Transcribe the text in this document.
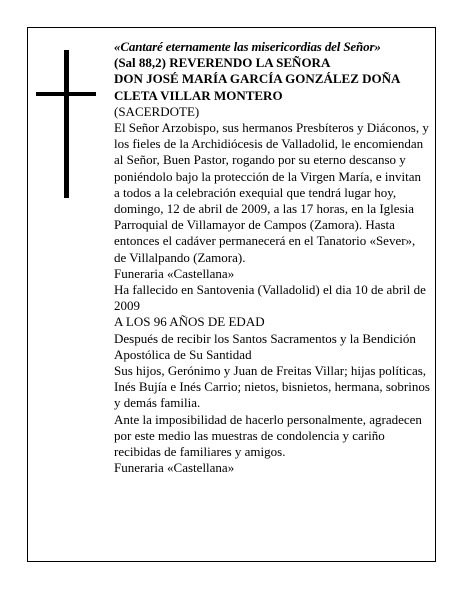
«Cantaré eternamente las misericordias del Señor»

(Sal 88,2) REVERENDO LA SEÑORA

DON JOSÉ MARÍA GARCÍA GONZÁLEZ DOÑA CLETA VILLAR MONTERO

(SACERDOTE)

El Señor Arzobispo, sus hermanos Presbíteros y Diáconos, y los fieles de la Archidiócesis de Valladolid, le encomiendan al Señor, Buen Pastor, rogando por su eterno descanso y poniéndolo bajo la protección de la Virgen María, e invitan a todos a la celebración exequial que tendrá lugar hoy, domingo, 12 de abril de 2009, a las 17 horas, en la Iglesia Parroquial de Villamayor de Campos (Zamora). Hasta entonces el cadáver permanecerá en el Tanatorio «Sever», de Villalpando (Zamora).

Funeraria «Castellana»

Ha fallecido en Santovenia (Valladolid) el dia 10 de abril de 2009

A LOS 96 AÑOS DE EDAD

Después de recibir los Santos Sacramentos y la Bendición Apostólica de Su Santidad

Sus hijos, Gerónimo y Juan de Freitas Villar; hijas políticas, Inés Bujía e Inés Carrio; nietos, bisnietos, hermana, sobrinos y demás familia.

Ante la imposibilidad de hacerlo personalmente, agradecen por este medio las muestras de condolencia y cariño recibidas de familiares y amigos.

Funeraria «Castellana»
